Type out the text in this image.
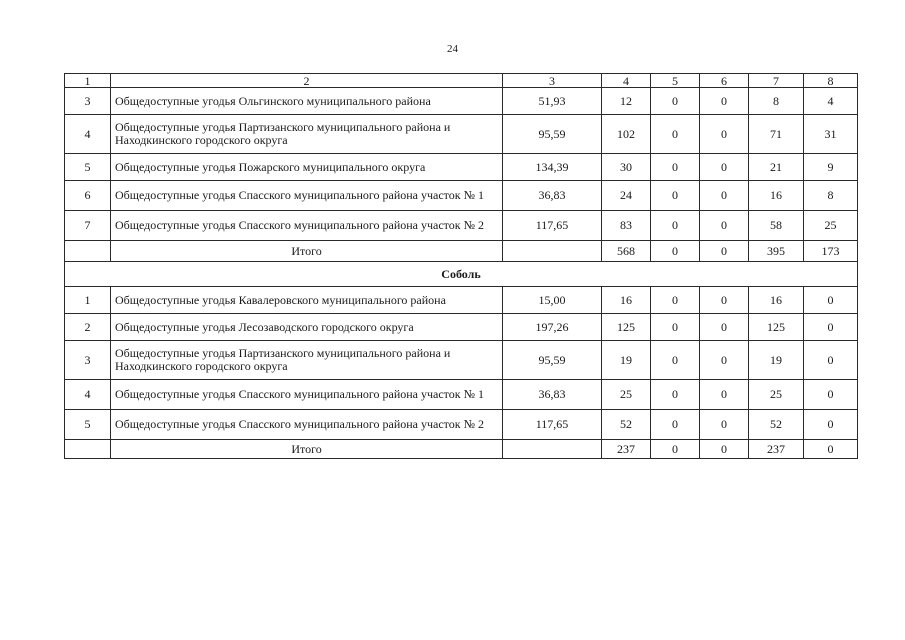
24
1	2	3	4	5	6	7	8
3	Общедоступные угодья Ольгинского муниципального района	51,93	12	0	0	8	4
4	Общедоступные угодья Партизанского муниципального района и Находкинского городского округа	95,59	102	0	0	71	31
5	Общедоступные угодья Пожарского муниципального округа	134,39	30	0	0	21	9
6	Общедоступные угодья Спасского муниципального района участок № 1	36,83	24	0	0	16	8
7	Общедоступные угодья Спасского муниципального района участок № 2	117,65	83	0	0	58	25
	Итого		568	0	0	395	173
Соболь							
1	Общедоступные угодья Кавалеровского муниципального района	15,00	16	0	0	16	0
2	Общедоступные угодья Лесозаводского городского округа	197,26	125	0	0	125	0
3	Общедоступные угодья Партизанского муниципального района и Находкинского городского округа	95,59	19	0	0	19	0
4	Общедоступные угодья Спасского муниципального района участок № 1	36,83	25	0	0	25	0
5	Общедоступные угодья Спасского муниципального района участок № 2	117,65	52	0	0	52	0
	Итого		237	0	0	237	0
